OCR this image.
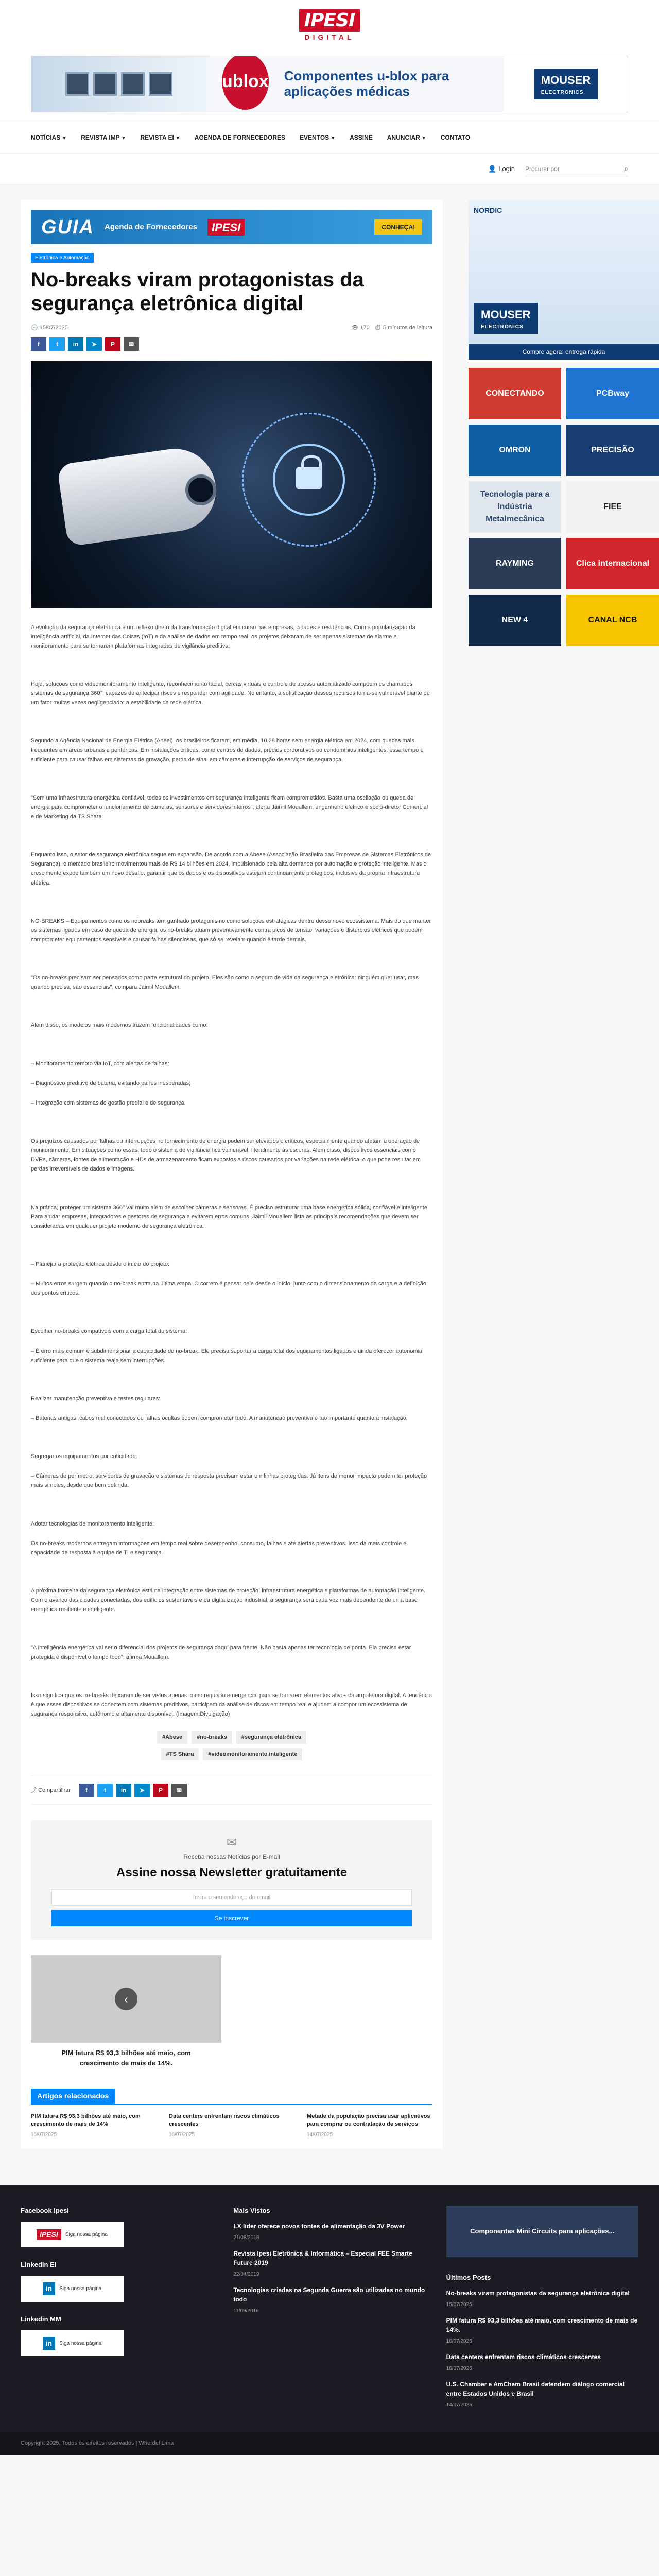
IPESI
DIGITAL
ublox Componentes u-blox para aplicações médicas
MOUSER
ELECTRONICS
NOTÍCIAS ▼ REVISTA IMP ▼ REVISTA EI ▼ AGENDA DE FORNECEDORES EVENTOS ▼ ASSINE ANUNCIAR ▼ CONTATO
👤 Login
Procurar por	⌕
GUIA Agenda de Fornecedores	IPESI	CONHEÇA!
Eletrônica e Automação
No-breaks viram protagonistas da segurança eletrônica digital
🕘 15/07/2025	👁 170 ⏱ 5 minutos de leitura
f	t	in	➤	P	✉

A evolução da segurança eletrônica é um reflexo direto da transformação digital em curso nas empresas, cidades e residências. Com a popularização da inteligência artificial, da Internet das Coisas (IoT) e da análise de dados em tempo real, os projetos deixaram de ser apenas sistemas de alarme e monitoramento para se tornarem plataformas integradas de vigilância preditiva.

Hoje, soluções como videomonitoramento inteligente, reconhecimento facial, cercas virtuais e controle de acesso automatizado compõem os chamados sistemas de segurança 360°, capazes de antecipar riscos e responder com agilidade. No entanto, a sofisticação desses recursos torna-se vulnerável diante de um fator muitas vezes negligenciado: a estabilidade da rede elétrica.

Segundo a Agência Nacional de Energia Elétrica (Aneel), os brasileiros ficaram, em média, 10,28 horas sem energia elétrica em 2024, com quedas mais frequentes em áreas urbanas e periféricas. Em instalações críticas, como centros de dados, prédios corporativos ou condomínios inteligentes, essa tempo é suficiente para causar falhas em sistemas de gravação, perda de sinal em câmeras e interrupção de serviços de segurança.

"Sem uma infraestrutura energética confiável, todos os investimentos em segurança inteligente ficam comprometidos. Basta uma oscilação ou queda de energia para comprometer o funcionamento de câmeras, sensores e servidores inteiros", alerta Jaimil Mouallem, engenheiro elétrico e sócio-diretor Comercial e de Marketing da TS Shara.

Enquanto isso, o setor de segurança eletrônica segue em expansão. De acordo com a Abese (Associação Brasileira das Empresas de Sistemas Eletrônicos de Segurança), o mercado brasileiro movimentou mais de R$ 14 bilhões em 2024, impulsionado pela alta demanda por automação e proteção inteligente. Mas o crescimento expõe também um novo desafio: garantir que os dados e os dispositivos estejam continuamente protegidos, inclusive da própria infraestrutura elétrica.

NO-BREAKS – Equipamentos como os nobreaks têm ganhado protagonismo como soluções estratégicas dentro desse novo ecossistema. Mais do que manter os sistemas ligados em caso de queda de energia, os no-breaks atuam preventivamente contra picos de tensão, variações e distúrbios elétricos que podem comprometer equipamentos sensíveis e causar falhas silenciosas, que só se revelam quando é tarde demais.

"Os no-breaks precisam ser pensados como parte estrutural do projeto. Eles são como o seguro de vida da segurança eletrônica: ninguém quer usar, mas quando precisa, são essenciais", compara Jaimil Mouallem.

Além disso, os modelos mais modernos trazem funcionalidades como:

– Monitoramento remoto via IoT, com alertas de falhas;

– Diagnóstico preditivo de bateria, evitando panes inesperadas;

– Integração com sistemas de gestão predial e de segurança.

Os prejuízos causados por falhas ou interrupções no fornecimento de energia podem ser elevados e críticos, especialmente quando afetam a operação de monitoramento. Em situações como essas, todo o sistema de vigilância fica vulnerável, literalmente às escuras. Além disso, dispositivos essenciais como DVRs, câmeras, fontes de alimentação e HDs de armazenamento ficam expostos a riscos causados por variações na rede elétrica, o que pode resultar em perdas irreversíveis de dados e imagens.

Na prática, proteger um sistema 360° vai muito além de escolher câmeras e sensores. É preciso estruturar uma base energética sólida, confiável e inteligente. Para ajudar empresas, integradores e gestores de segurança a evitarem erros comuns, Jaimil Mouallem lista as principais recomendações que devem ser consideradas em qualquer projeto moderno de segurança eletrônica:

– Planejar a proteção elétrica desde o início do projeto:

– Muitos erros surgem quando o no-break entra na última etapa. O correto é pensar nele desde o início, junto com o dimensionamento da carga e a definição dos pontos críticos.

Escolher no-breaks compatíveis com a carga total do sistema:

– É erro mais comum é subdimensionar a capacidade do no-break. Ele precisa suportar a carga total dos equipamentos ligados e ainda oferecer autonomia suficiente para que o sistema reaja sem interrupções.

Realizar manutenção preventiva e testes regulares:

– Baterias antigas, cabos mal conectados ou falhas ocultas podem comprometer tudo. A manutenção preventiva é tão importante quanto a instalação.

Segregar os equipamentos por criticidade:

– Câmeras de perímetro, servidores de gravação e sistemas de resposta precisam estar em linhas protegidas. Já itens de menor impacto podem ter proteção mais simples, desde que bem definida.

Adotar tecnologias de monitoramento inteligente:

Os no-breaks modernos entregam informações em tempo real sobre desempenho, consumo, falhas e até alertas preventivos. Isso dá mais controle e capacidade de resposta à equipe de TI e segurança.

A próxima fronteira da segurança eletrônica está na integração entre sistemas de proteção, infraestrutura energética e plataformas de automação inteligente. Com o avanço das cidades conectadas, dos edifícios sustentáveis e da digitalização industrial, a segurança será cada vez mais dependente de uma base energética resiliente e inteligente.

"A inteligência energética vai ser o diferencial dos projetos de segurança daqui para frente. Não basta apenas ter tecnologia de ponta. Ela precisa estar protegida e disponível o tempo todo", afirma Mouallem.

Isso significa que os no-breaks deixaram de ser vistos apenas como requisito emergencial para se tornarem elementos ativos da arquitetura digital. A tendência é que esses dispositivos se conectem com sistemas preditivos, participem da análise de riscos em tempo real e ajudem a compor um ecossistema de segurança responsivo, autônomo e altamente disponível. (Imagem:Divulgação)

#Abese	#no-breaks	#segurança eletrônica
#TS Shara	#videomonitoramento inteligente
⤴ Compartilhar	f	t	in	➤	P	✉
✉
Receba nossas Notícias por E-mail
Assine nossa Newsletter gratuitamente
Insira o seu endereço de email
Se inscrever
‹
PIM fatura R$ 93,3 bilhões até maio, com crescimento de mais de 14%.
Artigos relacionados
PIM fatura R$ 93,3 bilhões até maio, com crescimento de mais de 14%
16/07/2025
Data centers enfrentam riscos climáticos crescentes
16/07/2025
Metade da população precisa usar aplicativos para comprar ou contratação de serviços
14/07/2025
NORDIC
MOUSER
ELECTRONICS
Compre agora: entrega rápida
CONECTANDO	PCBway
OMRON	PRECISÃO
Tecnologia para a Indústria Metalmecânica
FIEE
RAYMING	Clica internacional
NEW 4	CANAL NCB
Facebook Ipesi
IPESI	Siga nossa página
Linkedin EI
in	Siga nossa página
Linkedin MM
in	Siga nossa página
Mais Vistos
LX lider oferece novos fontes de alimentação da 3V Power
21/08/2018
Revista Ipesi Eletrônica & Informática – Especial FEE Smarte Future 2019
22/04/2019
Tecnologias criadas na Segunda Guerra são utilizadas no mundo todo
11/09/2016
Componentes Mini Circuits para aplicações...
Últimos Posts
No-breaks viram protagonistas da segurança eletrônica digital
15/07/2025
PIM fatura R$ 93,3 bilhões até maio, com crescimento de mais de 14%.
16/07/2025
Data centers enfrentam riscos climáticos crescentes
16/07/2025
U.S. Chamber e AmCham Brasil defendem diálogo comercial entre Estados Unidos e Brasil
14/07/2025
Copyright 2025, Todos os direitos reservados | Wherdel Lima
